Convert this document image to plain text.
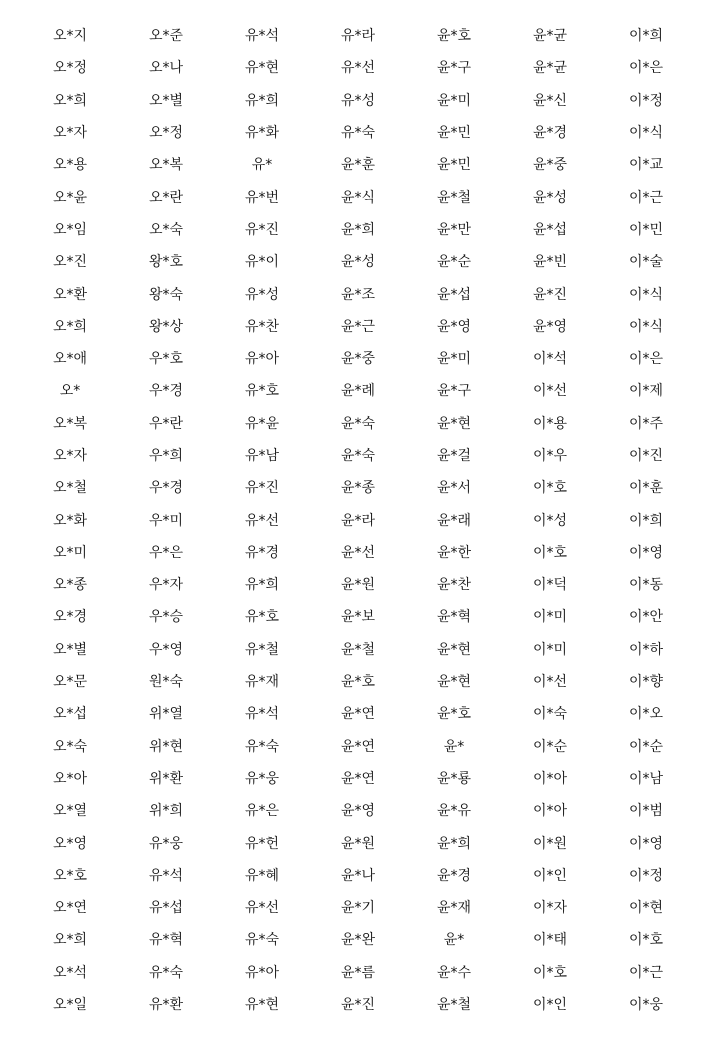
오*지	오*준	유*석	유*라	윤*호	윤*균	이*희
오*정	오*나	유*현	유*선	윤*구	윤*균	이*은
오*희	오*별	유*희	유*성	윤*미	윤*신	이*정
오*자	오*정	유*화	유*숙	윤*민	윤*경	이*식
오*용	오*복	유*	윤*훈	윤*민	윤*중	이*교
오*윤	오*란	유*번	윤*식	윤*철	윤*성	이*근
오*임	오*숙	유*진	윤*희	윤*만	윤*섭	이*민
오*진	왕*호	유*이	윤*성	윤*순	윤*빈	이*술
오*환	왕*숙	유*성	윤*조	윤*섭	윤*진	이*식
오*희	왕*상	유*찬	윤*근	윤*영	윤*영	이*식
오*애	우*호	유*아	윤*중	윤*미	이*석	이*은
오*	우*경	유*호	윤*례	윤*구	이*선	이*제
오*복	우*란	유*윤	윤*숙	윤*현	이*용	이*주
오*자	우*희	유*남	윤*숙	윤*걸	이*우	이*진
오*철	우*경	유*진	윤*종	윤*서	이*호	이*훈
오*화	우*미	유*선	윤*라	윤*래	이*성	이*희
오*미	우*은	유*경	윤*선	윤*한	이*호	이*영
오*종	우*자	유*희	윤*원	윤*찬	이*덕	이*동
오*경	우*승	유*호	윤*보	윤*혁	이*미	이*안
오*별	우*영	유*철	윤*철	윤*현	이*미	이*하
오*문	원*숙	유*재	윤*호	윤*현	이*선	이*향
오*섭	위*열	유*석	윤*연	윤*호	이*숙	이*오
오*숙	위*현	유*숙	윤*연	윤*	이*순	이*순
오*아	위*환	유*웅	윤*연	윤*룡	이*아	이*남
오*열	위*희	유*은	윤*영	윤*유	이*아	이*범
오*영	유*웅	유*헌	윤*원	윤*희	이*원	이*영
오*호	유*석	유*혜	윤*나	윤*경	이*인	이*정
오*연	유*섭	유*선	윤*기	윤*재	이*자	이*현
오*희	유*혁	유*숙	윤*완	윤*	이*태	이*호
오*석	유*숙	유*아	윤*름	윤*수	이*호	이*근
오*일	유*환	유*현	윤*진	윤*철	이*인	이*웅
